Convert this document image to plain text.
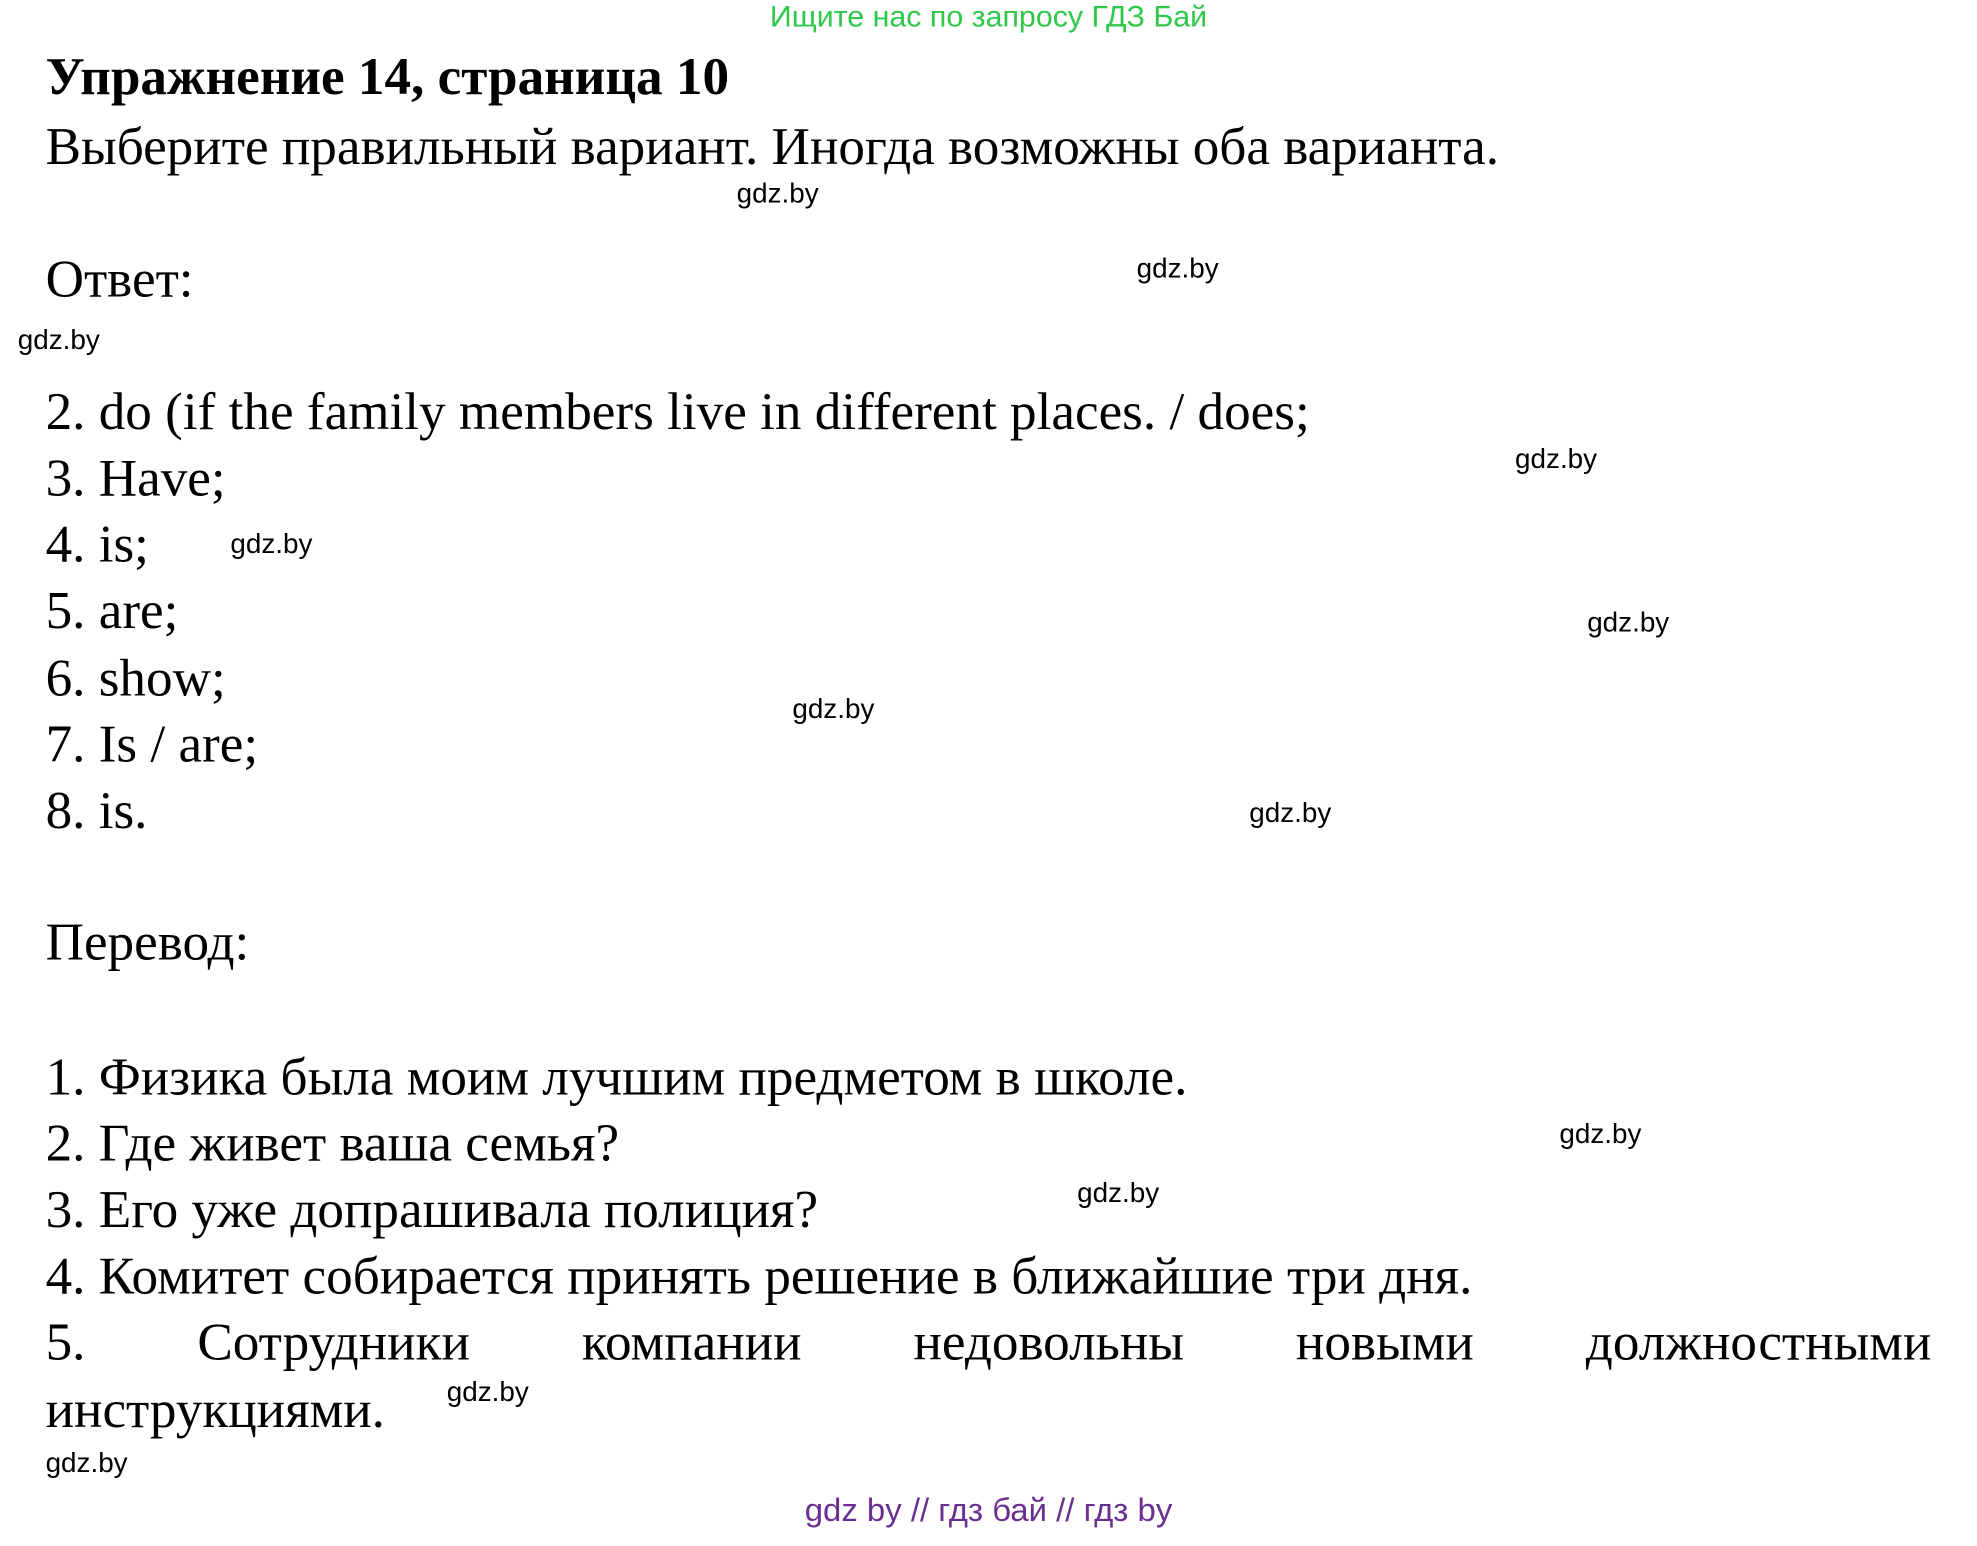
Ищите нас по запросу ГДЗ Бай
Упражнение 14, страница 10
Выберите правильный вариант. Иногда возможны оба варианта.
Ответ:
2. do (if the family members live in different places. / does;
3. Have;
4. is;
5. are;
6. show;
7. Is / are;
8. is.
Перевод:
1. Физика была моим лучшим предметом в школе.
2. Где живет ваша семья?
3. Его уже допрашивала полиция?
4. Комитет собирается принять решение в ближайшие три дня.
5.	Сотрудники	компании	недовольны	новыми	должностными
инструкциями.
gdz.by
gdz.by
gdz.by
gdz.by
gdz.by
gdz.by
gdz.by
gdz.by
gdz.by
gdz.by
gdz.by
gdz.by
gdz by // гдз бай // гдз by
